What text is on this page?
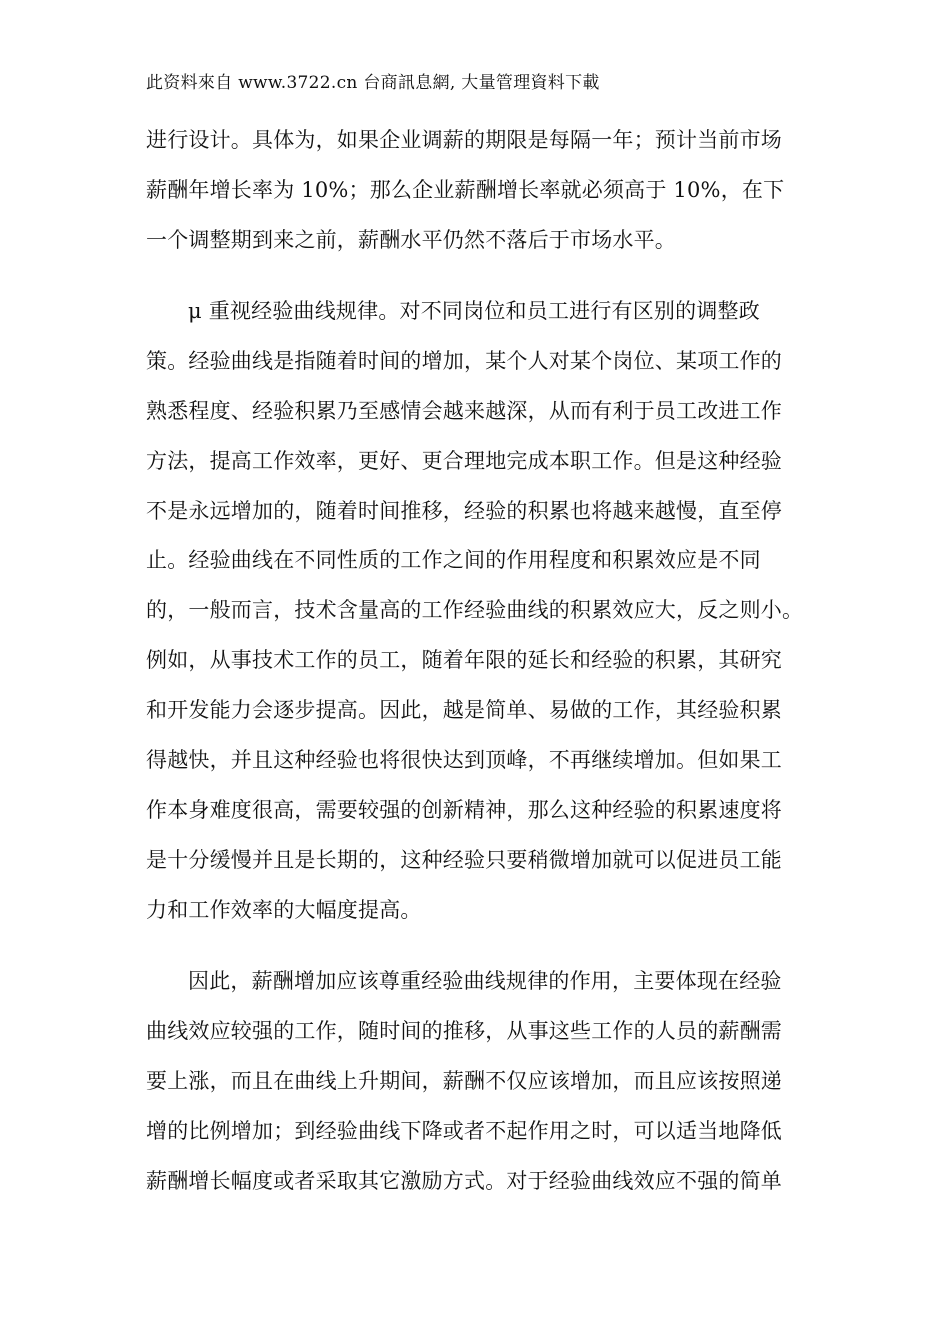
此资料來自 www.3722.cn 台商訊息網, 大量管理資料下載
进行设计。具体为，如果企业调薪的期限是每隔一年；预计当前市场
薪酬年增长率为 10%；那么企业薪酬增长率就必须高于 10%，在下
一个调整期到来之前，薪酬水平仍然不落后于市场水平。
μ 重视经验曲线规律。对不同岗位和员工进行有区别的调整政
策。经验曲线是指随着时间的增加，某个人对某个岗位、某项工作的
熟悉程度、经验积累乃至感情会越来越深，从而有利于员工改进工作
方法，提高工作效率，更好、更合理地完成本职工作。但是这种经验
不是永远增加的，随着时间推移，经验的积累也将越来越慢，直至停
止。经验曲线在不同性质的工作之间的作用程度和积累效应是不同
的，一般而言，技术含量高的工作经验曲线的积累效应大，反之则小。
例如，从事技术工作的员工，随着年限的延长和经验的积累，其研究
和开发能力会逐步提高。因此，越是简单、易做的工作，其经验积累
得越快，并且这种经验也将很快达到顶峰，不再继续增加。但如果工
作本身难度很高，需要较强的创新精神，那么这种经验的积累速度将
是十分缓慢并且是长期的，这种经验只要稍微增加就可以促进员工能
力和工作效率的大幅度提高。
因此，薪酬增加应该尊重经验曲线规律的作用，主要体现在经验
曲线效应较强的工作，随时间的推移，从事这些工作的人员的薪酬需
要上涨，而且在曲线上升期间，薪酬不仅应该增加，而且应该按照递
增的比例增加；到经验曲线下降或者不起作用之时，可以适当地降低
薪酬增长幅度或者采取其它激励方式。对于经验曲线效应不强的简单
